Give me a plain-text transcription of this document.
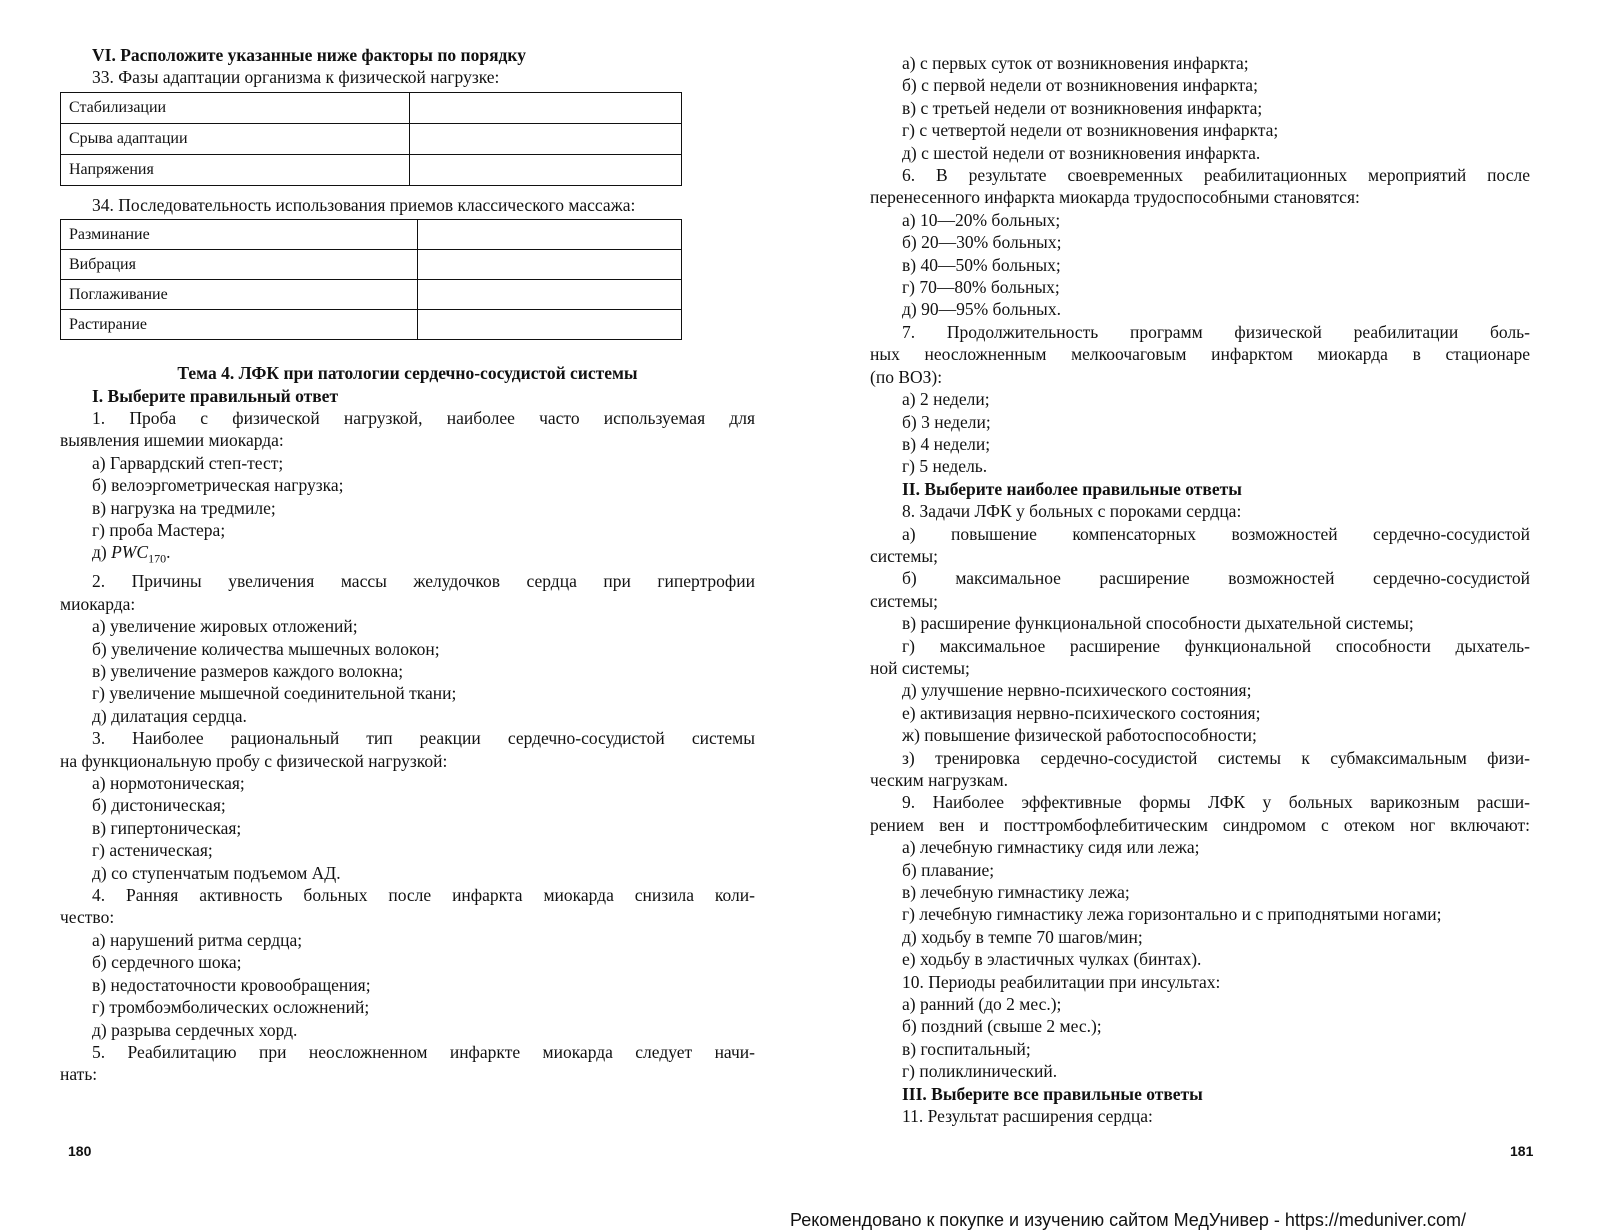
VI. Расположите указанные ниже факторы по порядку
33. Фазы адаптации организма к физической нагрузке:
Стабилизации	
Срыва адаптации	
Напряжения	
34. Последовательность использования приемов классического массажа:
Разминание	
Вибрация	
Поглаживание	
Растирание	
Тема 4. ЛФК при патологии сердечно-сосудистой системы
I. Выберите правильный ответ
1. Проба с физической нагрузкой, наиболее часто используемая для
выявления ишемии миокарда:
а) Гарвардский степ-тест;
б) велоэргометрическая нагрузка;
в) нагрузка на тредмиле;
г) проба Мастера;
д) $PWC_{170}$.
2. Причины увеличения массы желудочков сердца при гипертрофии
миокарда:
а) увеличение жировых отложений;
б) увеличение количества мышечных волокон;
в) увеличение размеров каждого волокна;
г) увеличение мышечной соединительной ткани;
д) дилатация сердца.
3. Наиболее рациональный тип реакции сердечно-сосудистой системы
на функциональную пробу с физической нагрузкой:
а) нормотоническая;
б) дистоническая;
в) гипертоническая;
г) астеническая;
д) со ступенчатым подъемом АД.
4. Ранняя активность больных после инфаркта миокарда снизила коли-
чество:
а) нарушений ритма сердца;
б) сердечного шока;
в) недостаточности кровообращения;
г) тромбоэмболических осложнений;
д) разрыва сердечных хорд.
5. Реабилитацию при неосложненном инфаркте миокарда следует начи-
нать:
а) с первых суток от возникновения инфаркта;
б) с первой недели от возникновения инфаркта;
в) с третьей недели от возникновения инфаркта;
г) с четвертой недели от возникновения инфаркта;
д) с шестой недели от возникновения инфаркта.
6. В результате своевременных реабилитационных мероприятий после
перенесенного инфаркта миокарда трудоспособными становятся:
а) 10—20% больных;
б) 20—30% больных;
в) 40—50% больных;
г) 70—80% больных;
д) 90—95% больных.
7. Продолжительность программ физической реабилитации боль-
ных неосложненным мелкоочаговым инфарктом миокарда в стационаре
(по ВОЗ):
а) 2 недели;
б) 3 недели;
в) 4 недели;
г) 5 недель.
II. Выберите наиболее правильные ответы
8. Задачи ЛФК у больных с пороками сердца:
а) повышение компенсаторных возможностей сердечно-сосудистой
системы;
б) максимальное расширение возможностей сердечно-сосудистой
системы;
в) расширение функциональной способности дыхательной системы;
г) максимальное расширение функциональной способности дыхатель-
ной системы;
д) улучшение нервно-психического состояния;
е) активизация нервно-психического состояния;
ж) повышение физической работоспособности;
з) тренировка сердечно-сосудистой системы к субмаксимальным физи-
ческим нагрузкам.
9. Наиболее эффективные формы ЛФК у больных варикозным расши-
рением вен и посттромбофлебитическим синдромом с отеком ног включают:
а) лечебную гимнастику сидя или лежа;
б) плавание;
в) лечебную гимнастику лежа;
г) лечебную гимнастику лежа горизонтально и с приподнятыми ногами;
д) ходьбу в темпе 70 шагов/мин;
е) ходьбу в эластичных чулках (бинтах).
10. Периоды реабилитации при инсультах:
а) ранний (до 2 мес.);
б) поздний (свыше 2 мес.);
в) госпитальный;
г) поликлинический.
III. Выберите все правильные ответы
11. Результат расширения сердца:
180	181
Рекомендовано к покупке и изучению сайтом МедУнивер - https://meduniver.com/
